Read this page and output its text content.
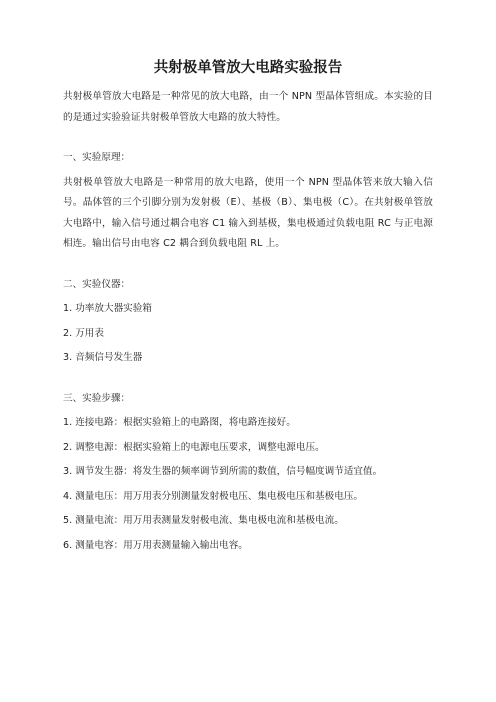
共射极单管放大电路实验报告

共射极单管放大电路是一种常见的放大电路，由一个 NPN 型晶体管组成。本实验的目的是通过实验验证共射极单管放大电路的放大特性。

一、实验原理：

共射极单管放大电路是一种常用的放大电路，使用一个 NPN 型晶体管来放大输入信号。晶体管的三个引脚分别为发射极（E）、基极（B）、集电极（C）。在共射极单管放大电路中，输入信号通过耦合电容 C1 输入到基极，集电极通过负载电阻 RC 与正电源相连。输出信号由电容 C2 耦合到负载电阻 RL 上。

二、实验仪器：

1. 功率放大器实验箱

2. 万用表

3. 音频信号发生器

三、实验步骤：

1. 连接电路：根据实验箱上的电路图，将电路连接好。

2. 调整电源：根据实验箱上的电源电压要求，调整电源电压。

3. 调节发生器：将发生器的频率调节到所需的数值，信号幅度调节适宜值。

4. 测量电压：用万用表分别测量发射极电压、集电极电压和基极电压。

5. 测量电流：用万用表测量发射极电流、集电极电流和基极电流。

6. 测量电容：用万用表测量输入输出电容。
